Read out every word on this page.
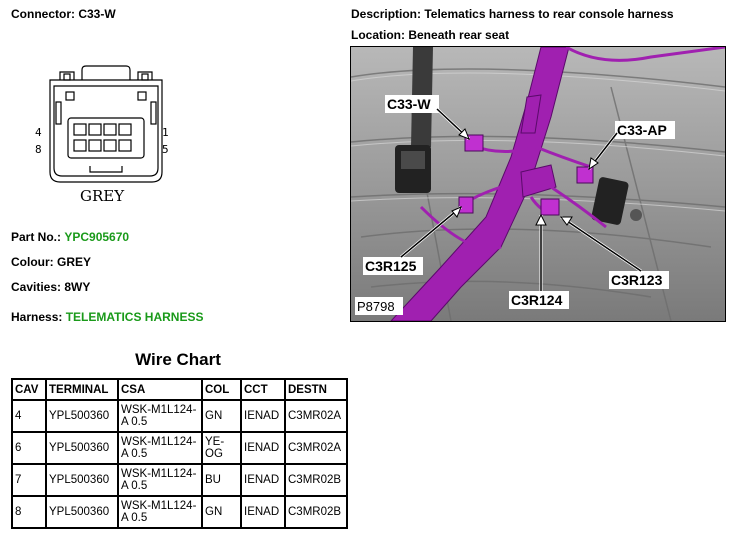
Connector: C33-W
4
8
1
5
GREY
Part No.: YPC905670
Colour: GREY
Cavities: 8WY
Harness: TELEMATICS HARNESS
Description: Telematics harness to rear console harness
Location: Beneath rear seat
C33-W
C33-AP
C3R125
C3R124
C3R123
P8798
Wire Chart
CAV	TERMINAL	CSA	COL	CCT	DESTN
4	YPL500360	WSK-M1L124-A 0.5	GN	IENAD	C3MR02A
6	YPL500360	WSK-M1L124-A 0.5	YE-OG	IENAD	C3MR02A
7	YPL500360	WSK-M1L124-A 0.5	BU	IENAD	C3MR02B
8	YPL500360	WSK-M1L124-A 0.5	GN	IENAD	C3MR02B
